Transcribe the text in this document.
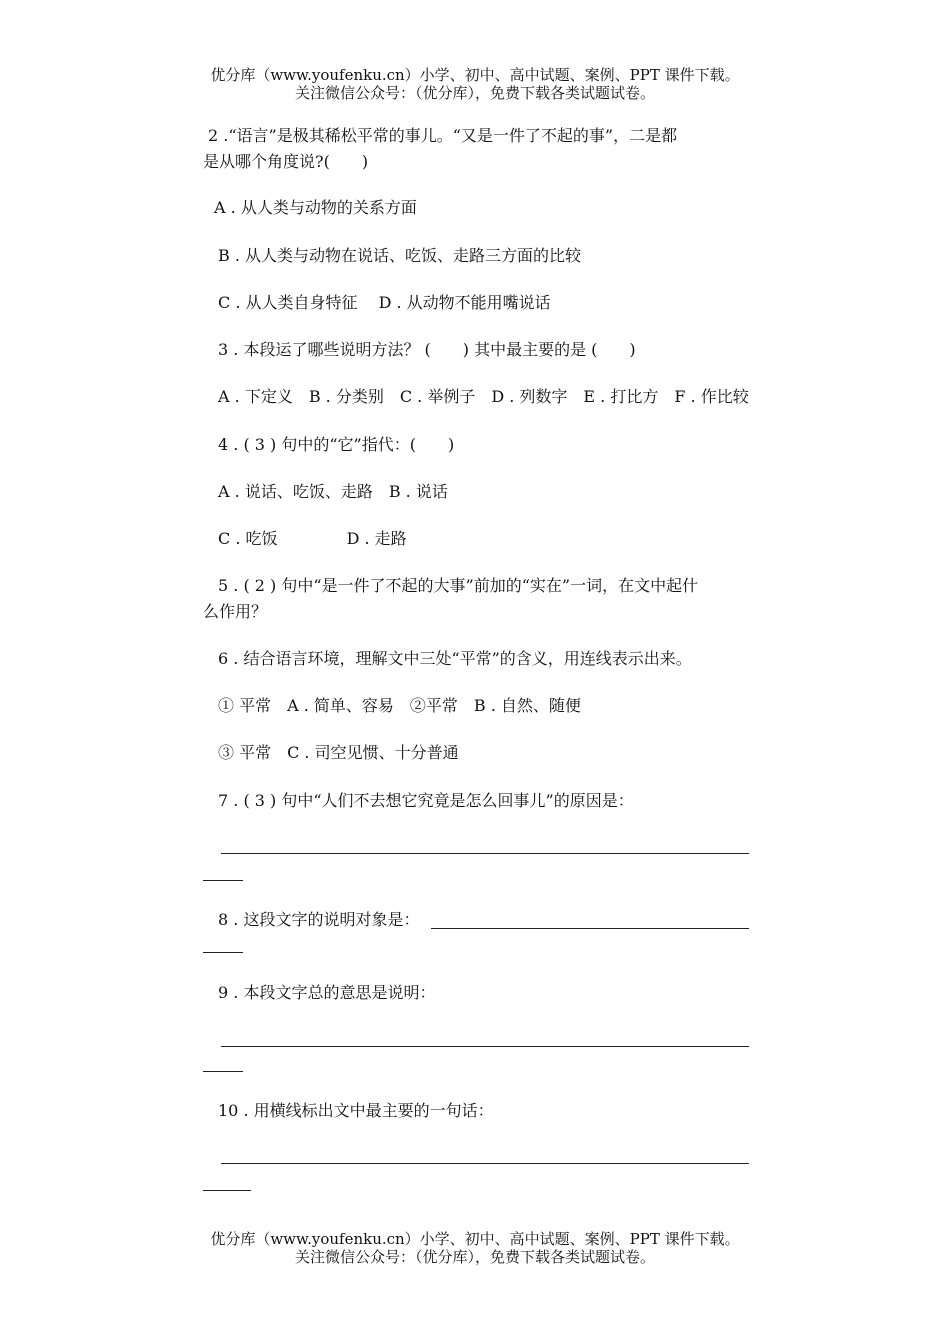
优分库（www.youfenku.cn）小学、初中、高中试题、案例、PPT 课件下载。
关注微信公众号：（优分库），免费下载各类试题试卷。
2 .“语言”是极其稀松平常的事儿。“又是一件了不起的事”，二是都
是从哪个角度说?(　　)
A . 从人类与动物的关系方面
B . 从人类与动物在说话、吃饭、走路三方面的比较
C . 从人类自身特征　 D . 从动物不能用嘴说话
3 . 本段运了哪些说明方法？ (　　) 其中最主要的是 (　　)
A . 下定义　B . 分类别　C . 举例子　D . 列数字　E . 打比方　F . 作比较
4 . ( 3 ) 句中的“它”指代：(　　)
A . 说话、吃饭、走路　B . 说话
C . 吃饭　　　　 D . 走路
5 . ( 2 ) 句中“是一件了不起的大事”前加的“实在”一词，在文中起什
么作用？
6 . 结合语言环境，理解文中三处“平常”的含义，用连线表示出来。
① 平常　A . 简单、容易　②平常　B . 自然、随便
③ 平常　C . 司空见惯、十分普通
7 . ( 3 ) 句中“人们不去想它究竟是怎么回事儿”的原因是：
8 . 这段文字的说明对象是：
9 . 本段文字总的意思是说明：
10 . 用横线标出文中最主要的一句话：
优分库（www.youfenku.cn）小学、初中、高中试题、案例、PPT 课件下载。
关注微信公众号：（优分库），免费下载各类试题试卷。
